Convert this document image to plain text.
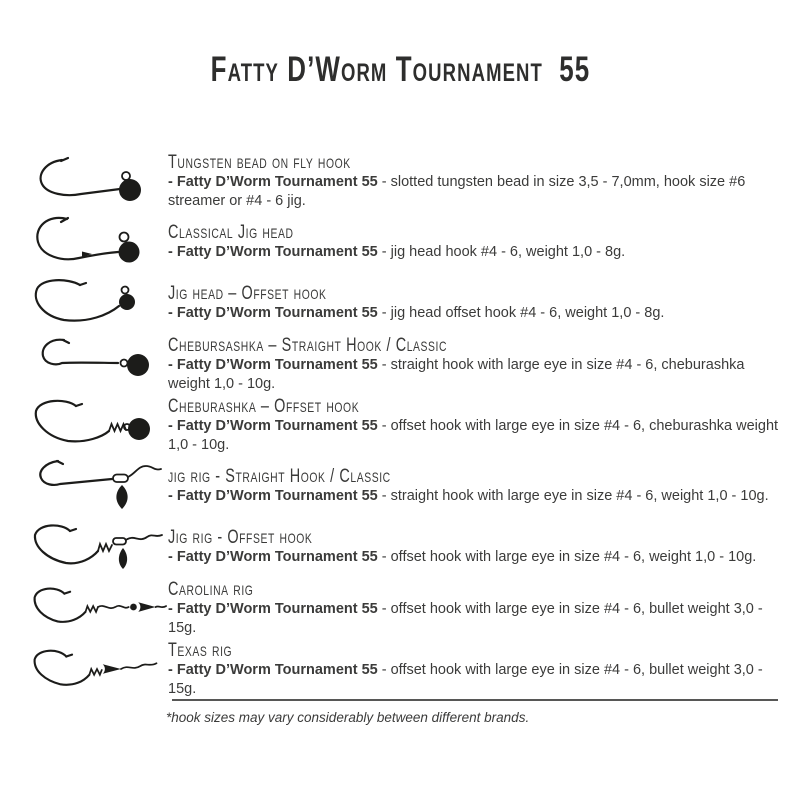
Fatty D’Worm Tournament 55
Tungsten bead on fly hook
- Fatty D’Worm Tournament 55 - slotted tungsten bead in size 3,5 - 7,0mm, hook size #6 streamer or #4 - 6 jig.
Classical Jig head
- Fatty D’Worm Tournament 55 - jig head hook #4 - 6, weight 1,0 - 8g.
Jig head – Offset hook
- Fatty D’Worm Tournament 55 - jig head offset hook #4 - 6, weight 1,0 - 8g.
Chebursashka – Straight Hook / Classic
- Fatty D’Worm Tournament 55 - straight hook with large eye in size #4 - 6, cheburashka weight 1,0 - 10g.
Cheburashka – Offset hook
- Fatty D’Worm Tournament 55 - offset hook with large eye in size #4 - 6, cheburashka weight 1,0 - 10g.
jig rig - Straight Hook / Classic
- Fatty D’Worm Tournament 55 - straight hook with large eye in size #4 - 6, weight 1,0 - 10g.
Jig rig - Offset hook
- Fatty D’Worm Tournament 55 - offset hook with large eye in size #4 - 6, weight 1,0 - 10g.
Carolina rig
- Fatty D’Worm Tournament 55 - offset hook with large eye in size #4 - 6, bullet weight 3,0 - 15g.
Texas rig
- Fatty D’Worm Tournament 55 - offset hook with large eye in size #4 - 6, bullet weight 3,0 - 15g.
*hook sizes may vary considerably between different brands.
